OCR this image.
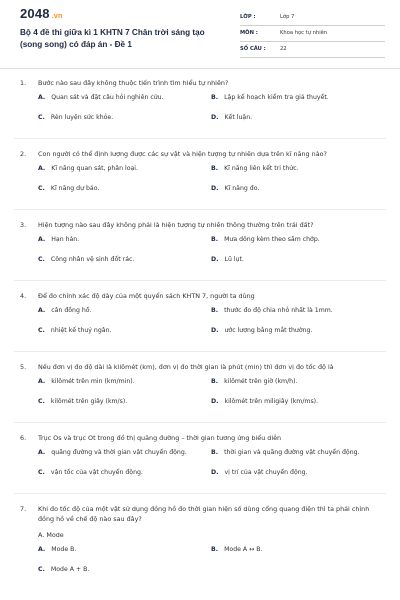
2048 .vn
Bộ 4 đề thi giữa kì 1 KHTN 7 Chân trời sáng tạo (song song) có đáp án - Đề 1
LỚP :	Lớp 7
MÔN :	Khoa học tự nhiên
SỐ CÂU :	22
1. Bước nào sau đây không thuộc tiến trình tìm hiểu tự nhiên?
A. Quan sát và đặt câu hỏi nghiên cứu.	B. Lập kế hoạch kiểm tra giả thuyết.
C. Rèn luyện sức khỏe.	D. Kết luận.
2. Con người có thể định lượng được các sự vật và hiện tượng tự nhiên dựa trên kĩ năng nào?
A. Kĩ năng quan sát, phân loại.	B. Kĩ năng liên kết tri thức.
C. Kĩ năng dự báo.	D. Kĩ năng đo.
3. Hiện tượng nào sau đây không phải là hiện tượng tự nhiên thông thường trên trái đất?
A. Hạn hán.	B. Mưa dông kèm theo sấm chớp.
C. Công nhân vệ sinh đốt rác.	D. Lũ lụt.
4. Để đo chính xác độ dày của một quyển sách KHTN 7, người ta dùng
A. cân đồng hồ.	B. thước đo độ chia nhỏ nhất là 1mm.
C. nhiệt kế thuỷ ngân.	D. ước lượng bằng mắt thường.
5. Nếu đơn vị đo độ dài là kilômét (km), đơn vị đo thời gian là phút (min) thì đơn vị đo tốc độ là
A. kilômét trên min (km/min).	B. kilômét trên giờ (km/h).
C. kilômét trên giây (km/s).	D. kilômét trên miligiây (km/ms).
6. Trục Os và trục Ot trong đồ thị quãng đường – thời gian tương ứng biểu diễn
A. quãng đường và thời gian vật chuyển động.	B. thời gian và quãng đường vật chuyển động.
C. vận tốc của vật chuyển động.	D. vị trí của vật chuyển động.
7. Khi đo tốc độ của một vật sử dụng đồng hồ đo thời gian hiện số dùng cổng quang điện thì ta phải chỉnh đồng hồ về chế độ nào sau đây?
A. Mode
A. Mode B.	B. Mode A ↔ B.
C. Mode A + B.
